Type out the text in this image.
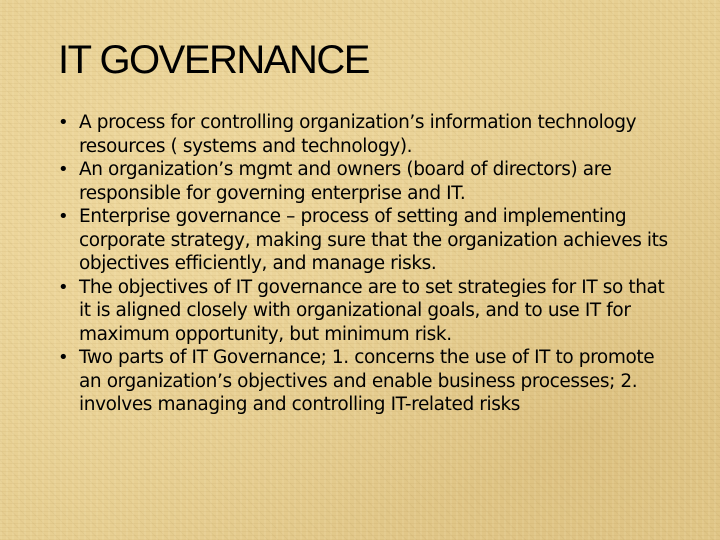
IT GOVERNANCE
• A process for controlling organization’s information technology resources ( systems and technology).
• An organization’s mgmt and owners (board of directors) are responsible for governing enterprise and IT.
• Enterprise governance – process of setting and implementing corporate strategy, making sure that the organization achieves its objectives efficiently, and manage risks.
• The objectives of IT governance are to set strategies for IT so that it is aligned closely with organizational goals, and to use IT for maximum opportunity, but minimum risk.
• Two parts of IT Governance; 1. concerns the use of IT to promote an organization’s objectives and enable business processes; 2. involves managing and controlling IT-related risks
